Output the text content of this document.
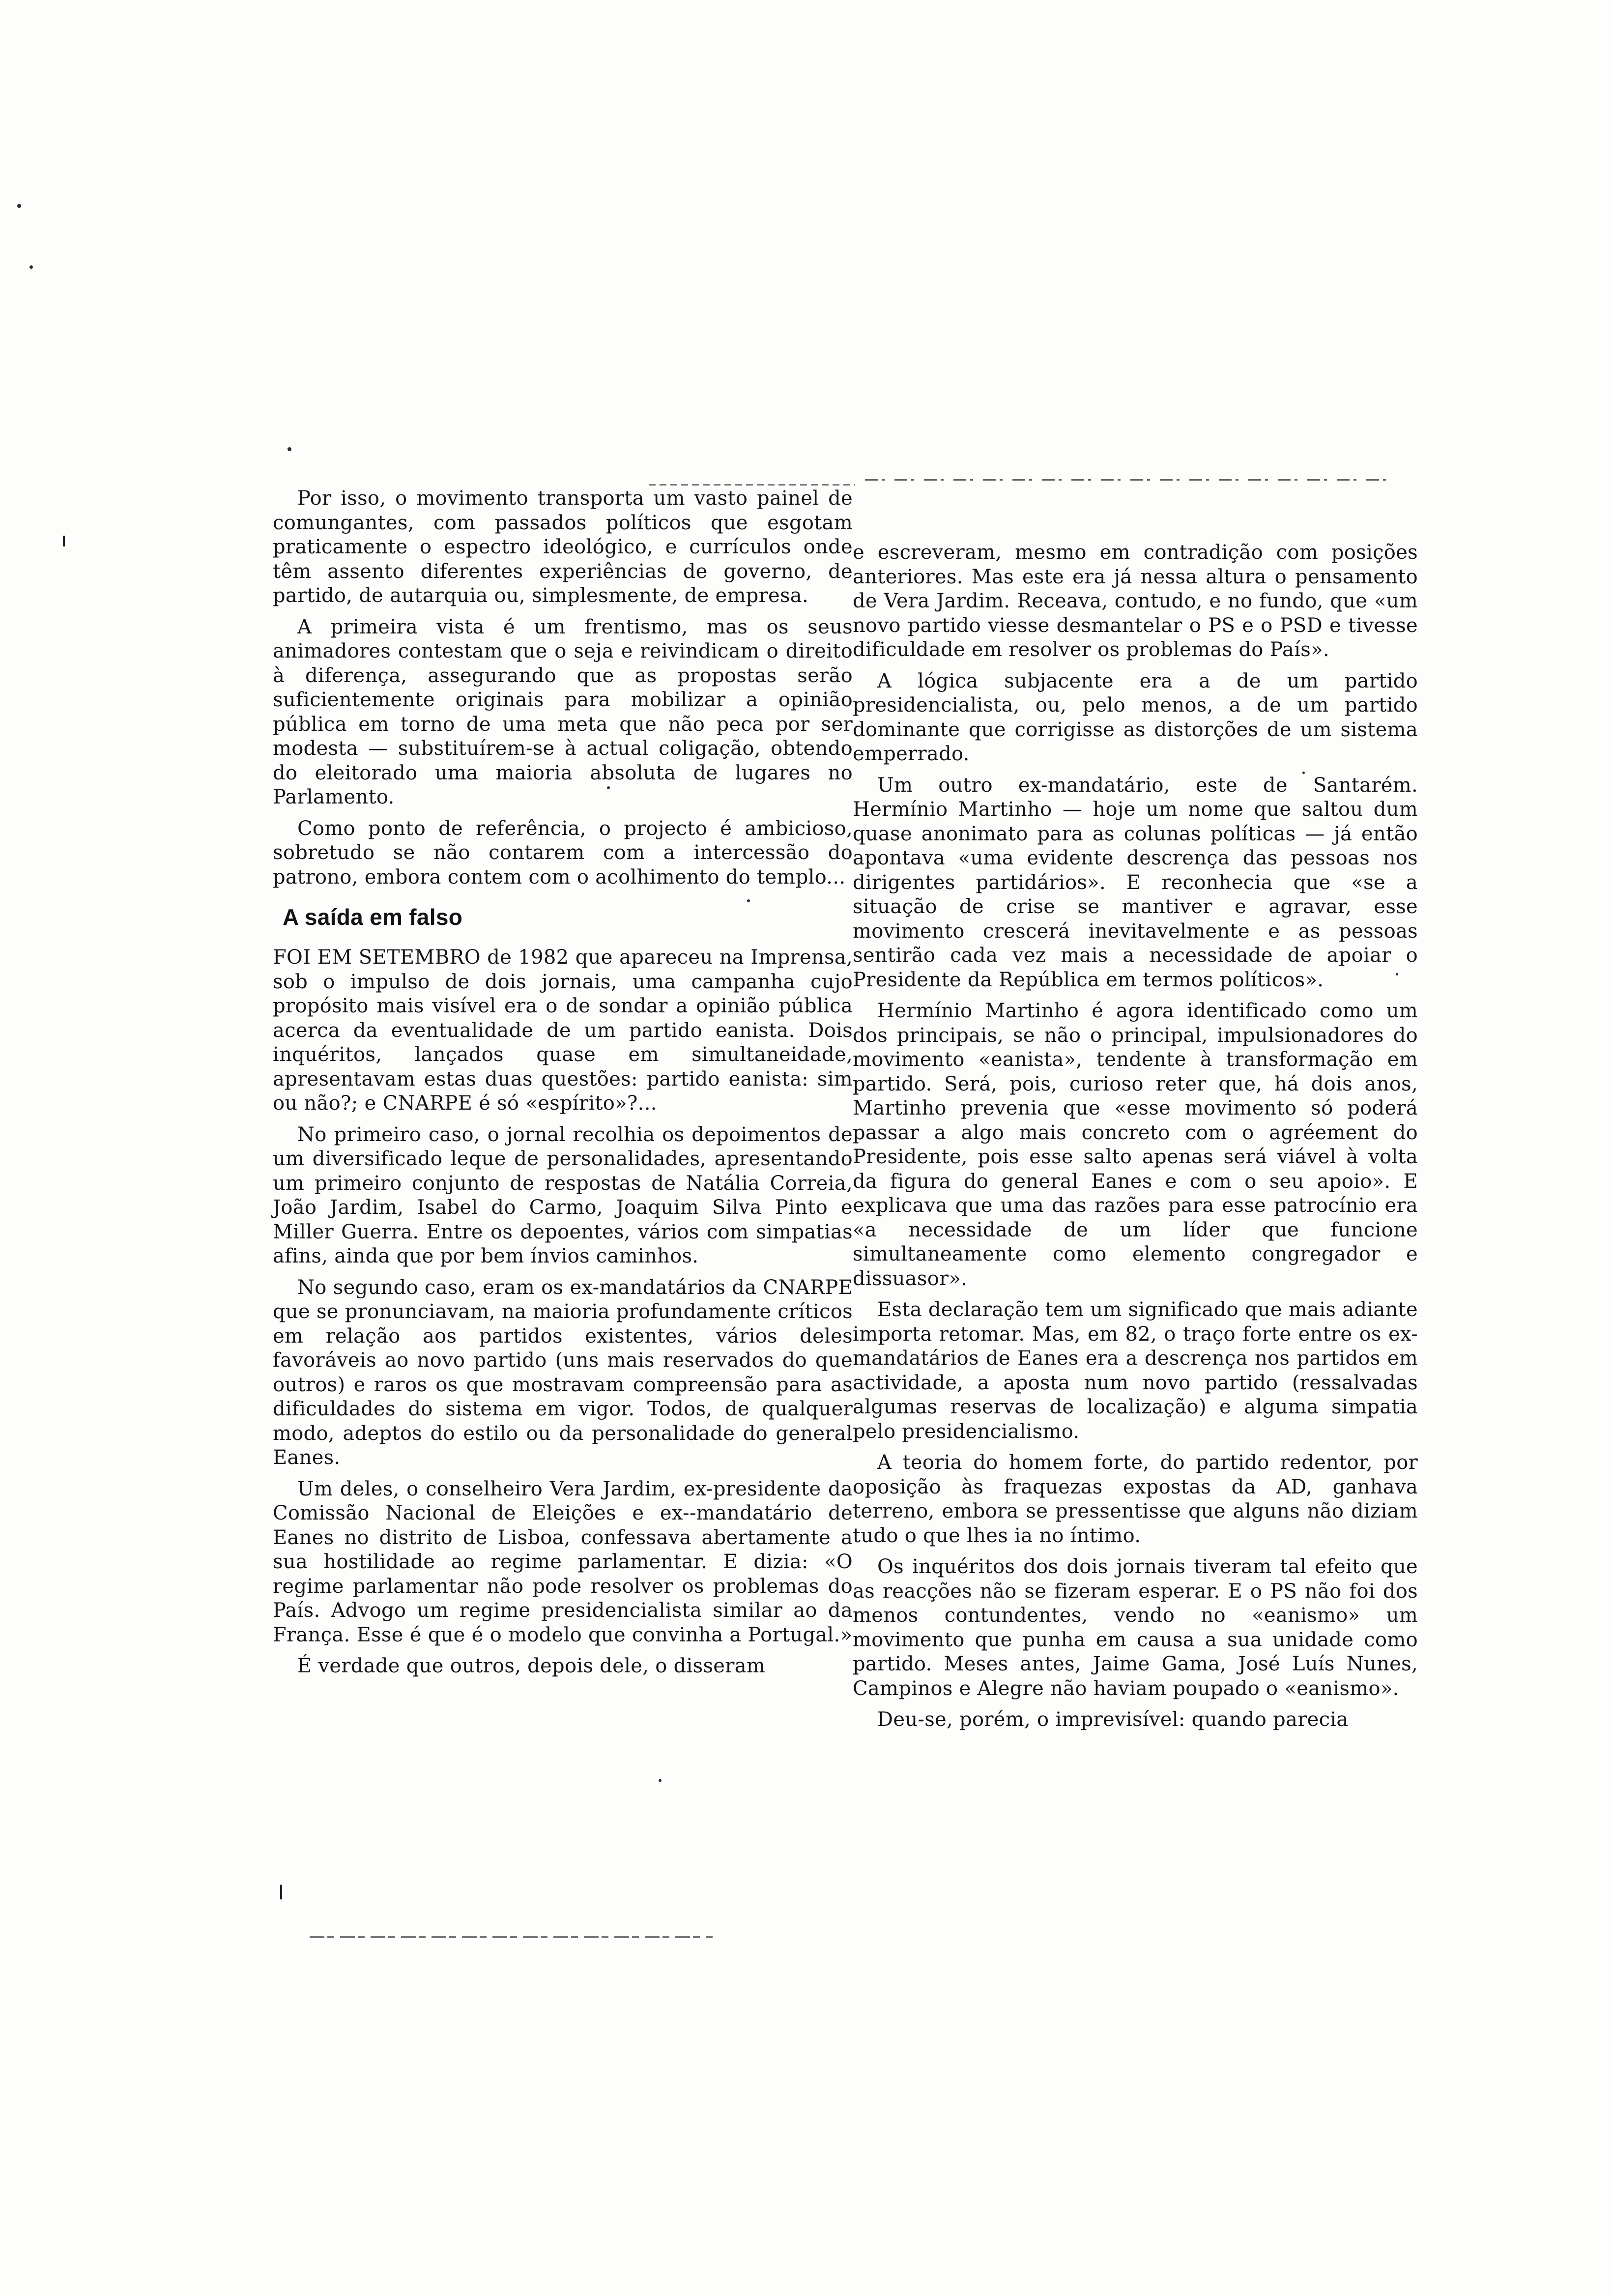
Por isso, o movimento transporta um vasto painel de comungantes, com passados políticos que esgotam praticamente o espectro ideológico, e currículos onde têm assento diferentes experiências de governo, de partido, de autarquia ou, simplesmente, de empresa.

A primeira vista é um frentismo, mas os seus animadores contestam que o seja e reivindicam o direito à diferença, assegurando que as propostas serão suficientemente originais para mobilizar a opinião pública em torno de uma meta que não peca por ser modesta — substituírem-se à actual coligação, obtendo do eleitorado uma maioria absoluta de lugares no Parlamento.

Como ponto de referência, o projecto é ambicioso, sobretudo se não contarem com a intercessão do patrono, embora contem com o acolhimento do templo...

A saída em falso

FOI EM SETEMBRO de 1982 que apareceu na Imprensa, sob o impulso de dois jornais, uma campanha cujo propósito mais visível era o de sondar a opinião pública acerca da eventualidade de um partido eanista. Dois inquéritos, lançados quase em simultaneidade, apresentavam estas duas questões: partido eanista: sim ou não?; e CNARPE é só «espírito»?...

No primeiro caso, o jornal recolhia os depoimentos de um diversificado leque de personalidades, apresentando um primeiro conjunto de respostas de Natália Correia, João Jardim, Isabel do Carmo, Joaquim Silva Pinto e Miller Guerra. Entre os depoentes, vários com simpatias afins, ainda que por bem ínvios caminhos.

No segundo caso, eram os ex-mandatários da CNARPE que se pronunciavam, na maioria profundamente críticos em relação aos partidos existentes, vários deles favoráveis ao novo partido (uns mais reservados do que outros) e raros os que mostravam compreensão para as dificuldades do sistema em vigor. Todos, de qualquer modo, adeptos do estilo ou da personalidade do general Eanes.

Um deles, o conselheiro Vera Jardim, ex-presidente da Comissão Nacional de Eleições e ex--mandatário de Eanes no distrito de Lisboa, confessava abertamente a sua hostilidade ao regime parlamentar. E dizia: «O regime parlamentar não pode resolver os problemas do País. Advogo um regime presidencialista similar ao da França. Esse é que é o modelo que convinha a Portugal.»

É verdade que outros, depois dele, o disseram

e escreveram, mesmo em contradição com posições anteriores. Mas este era já nessa altura o pensamento de Vera Jardim. Receava, contudo, e no fundo, que «um novo partido viesse desmantelar o PS e o PSD e tivesse dificuldade em resolver os problemas do País».

A lógica subjacente era a de um partido presidencialista, ou, pelo menos, a de um partido dominante que corrigisse as distorções de um sistema emperrado.

Um outro ex-mandatário, este de Santarém. Hermínio Martinho — hoje um nome que saltou dum quase anonimato para as colunas políticas — já então apontava «uma evidente descrença das pessoas nos dirigentes partidários». E reconhecia que «se a situação de crise se mantiver e agravar, esse movimento crescerá inevitavelmente e as pessoas sentirão cada vez mais a necessidade de apoiar o Presidente da República em termos políticos».

Hermínio Martinho é agora identificado como um dos principais, se não o principal, impulsionadores do movimento «eanista», tendente à transformação em partido. Será, pois, curioso reter que, há dois anos, Martinho prevenia que «esse movimento só poderá passar a algo mais concreto com o agréement do Presidente, pois esse salto apenas será viável à volta da figura do general Eanes e com o seu apoio». E explicava que uma das razões para esse patrocínio era «a necessidade de um líder que funcione simultaneamente como elemento congregador e dissuasor».

Esta declaração tem um significado que mais adiante importa retomar. Mas, em 82, o traço forte entre os ex-mandatários de Eanes era a descrença nos partidos em actividade, a aposta num novo partido (ressalvadas algumas reservas de localização) e alguma simpatia pelo presidencialismo.

A teoria do homem forte, do partido redentor, por oposição às fraquezas expostas da AD, ganhava terreno, embora se pressentisse que alguns não diziam tudo o que lhes ia no íntimo.

Os inquéritos dos dois jornais tiveram tal efeito que as reacções não se fizeram esperar. E o PS não foi dos menos contundentes, vendo no «eanismo» um movimento que punha em causa a sua unidade como partido. Meses antes, Jaime Gama, José Luís Nunes, Campinos e Alegre não haviam poupado o «eanismo».

Deu-se, porém, o imprevisível: quando parecia
